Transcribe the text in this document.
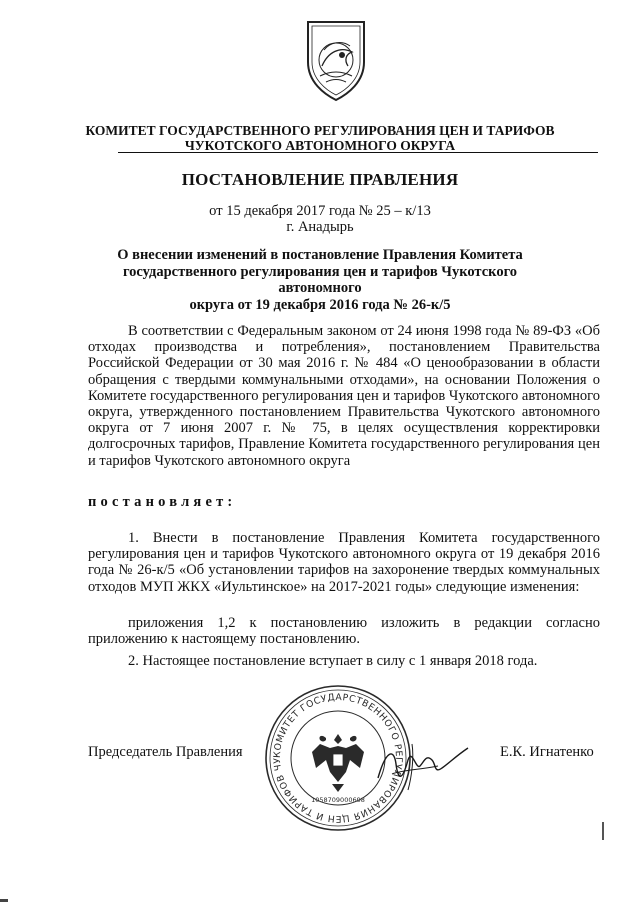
КОМИТЕТ ГОСУДАРСТВЕННОГО РЕГУЛИРОВАНИЯ ЦЕН И ТАРИФОВ
ЧУКОТСКОГО АВТОНОМНОГО ОКРУГА
ПОСТАНОВЛЕНИЕ ПРАВЛЕНИЯ
от 15 декабря 2017 года № 25 – к/13
г. Анадырь
О внесении изменений в постановление Правления Комитета
государственного регулирования цен и тарифов Чукотского автономного
округа от 19 декабря 2016 года № 26-к/5
В соответствии с Федеральным законом от 24 июня 1998 года № 89-ФЗ «Об отходах производства и потребления», постановлением Правительства Российской Федерации от 30 мая 2016 г. № 484 «О ценообразовании в области обращения с твердыми коммунальными отходами», на основании Положения о Комитете государственного регулирования цен и тарифов Чукотского автономного округа, утвержденного постановлением Правительства Чукотского автономного округа от 7 июня 2007 г. № 75, в целях осуществления корректировки долгосрочных тарифов, Правление Комитета государственного регулирования цен и тарифов Чукотского автономного округа
постановляет:
1. Внести в постановление Правления Комитета государственного регулирования цен и тарифов Чукотского автономного округа от 19 декабря 2016 года № 26-к/5 «Об установлении тарифов на захоронение твердых коммунальных отходов МУП ЖКХ «Иультинское» на 2017-2021 годы» следующие изменения:
приложения 1,2 к постановлению изложить в редакции согласно приложению к настоящему постановлению.
2. Настоящее постановление вступает в силу с 1 января 2018 года.
Председатель Правления	Е.К. Игнатенко
КОМИТЕТ ГОСУДАРСТВЕННОГО РЕГУЛИРОВАНИЯ ЦЕН И ТАРИФОВ ЧУ
1058709000698
